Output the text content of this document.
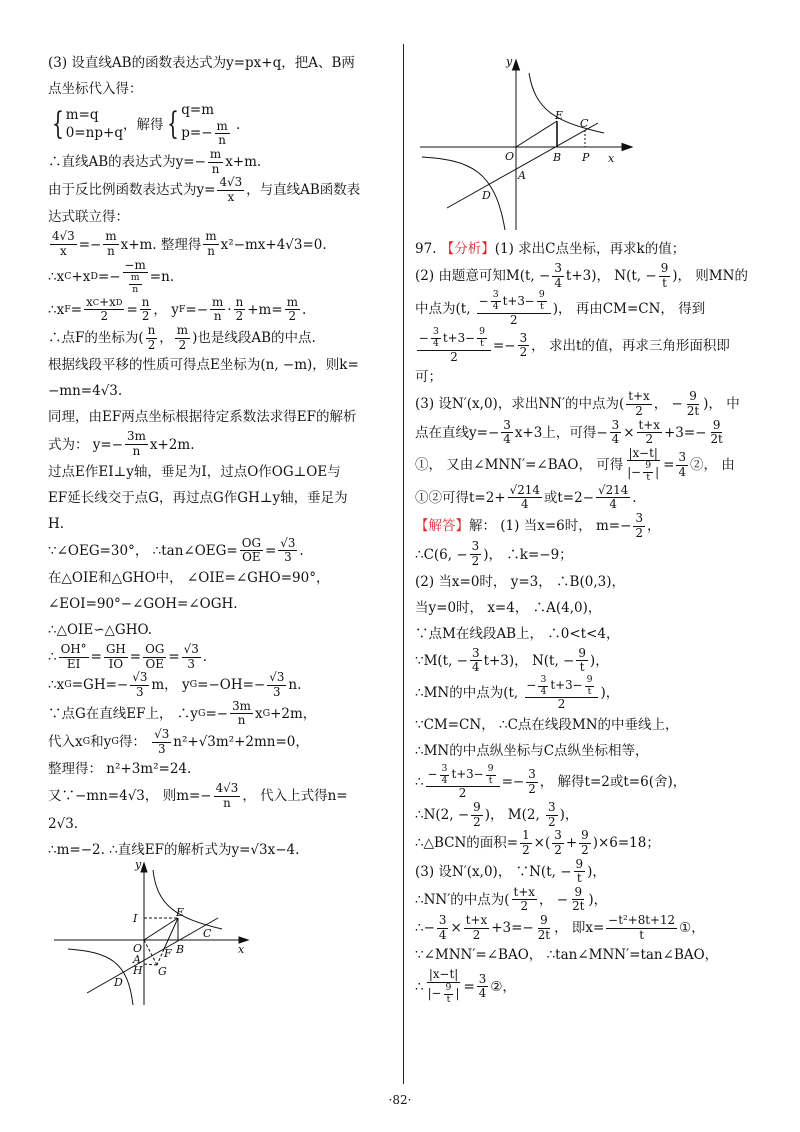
(3) 设直线AB的函数表达式为y=px+q，把A、B两
点坐标代入得：
{ m=q
0=np+q ，解得 { q=m
$p=- \frac{m}{n}$ .
∴直线AB的表达式为$y=- \frac{m}{n} x+m$.
由于反比例函数表达式为$y= \frac{4√3}{x}$ ，与直线AB函数表
达式联立得：
$\frac{4√3}{x} =- \frac{m}{n} x+m$. 整理得 $\frac{m}{n} x^2-mx+4√3=0$.
∴x C +x $D =- \frac{-m}{\frac{m}{n}} =n$.
∴x $F = \frac{\text{x C +x D}}{2} = \frac{n}{2}$ ， y $F =- \frac{m}{n} \cdot \frac{n}{2} +m= \frac{m}{2}$ .
∴点F的坐标为( $\frac{n}{2}$ ， $\frac{m}{2}$ )也是线段AB的中点.
根据线段平移的性质可得点E坐标为(n, −m)，则k=
−mn=4√3.
同理，由EF两点坐标根据待定系数法求得EF的解析
式为： $y=- \frac{3m}{n} x+2m$.
过点E作EI⊥y轴，垂足为I，过点O作OG⊥OE与
EF延长线交于点G，再过点G作GH⊥y轴，垂足为
H.
∵∠OEG=30°， ∴tan∠OEG= $\frac{OG}{OE} = \frac{√3}{3}$ .
在△OIE和△GHO中， ∠OIE=∠GHO=90°，
∠EOI=90°−∠GOH=∠OGH.
∴△OIE∽△GHO.
∴ $\frac{OH^\circ}{EI} = \frac{GH}{IO} = \frac{OG}{OE} = \frac{√3}{3}$ .
∴x $G =GH=- \frac{√3}{3}$ m， y $G =-OH=- \frac{√3}{3} n$.
∵点G在直线EF上， ∴y $G =- \frac{3m}{n}$ x G +2m，
代入x G 和y G 得： $\frac{√3}{3} n^2+√3m^2+2mn=0$，
整理得： n²+3m²=24.
又∵−mn=4√3， 则$m=- \frac{4√3}{n}$ ， 代入上式得n=
2√3.
∴m=−2. ∴直线EF的解析式为y=√3x−4.
97. 【分析】 (1) 求出C点坐标，再求k的值；
(2) 由题意可知M(t, − $\frac{3}{4} t+3$)， N(t, − $\frac{9}{t}$ )， 则MN的
中点为(t, $\frac{- \frac{3}{4} t+3- \frac{9}{t}}{2}$ )， 再由CM=CN， 得到
$\frac{- \frac{3}{4} t+3- \frac{9}{t}}{2} =- \frac{3}{2}$ ， 求出t的值，再求三角形面积即
可；
(3) 设N′(x,0)，求出NN′的中点为( $\frac{t+x}{2}$ ， − $\frac{9}{2t}$ )， 中
点在直线$y=- \frac{3}{4} x+3$上，可得− $\frac{3}{4} \times \frac{t+x}{2} +3=- \frac{9}{2t}$
①， 又由∠MNN′=∠BAO， 可得 $\frac{|x-t|}{|- \frac{9}{t} |} = \frac{3}{4}$ ②， 由
①②可得$t=2+ \frac{√214}{4}$ 或$t=2- \frac{√214}{4}$ .
【解答】 解： (1) 当x=6时， $m=- \frac{3}{2}$ ，
∴C(6, − $\frac{3}{2}$ )， ∴k=−9；
(2) 当x=0时， y=3， ∴B(0,3)，
当y=0时， x=4， ∴A(4,0)，
∵点M在线段AB上， ∴0<t<4，
∵M(t, − $\frac{3}{4} t+3$)， N(t, − $\frac{9}{t}$ )，
∴MN的中点为(t, $\frac{- \frac{3}{4} t+3- \frac{9}{t}}{2}$ )，
∵CM=CN， ∴C点在线段MN的中垂线上，
∴MN的中点纵坐标与C点纵坐标相等，
∴ $\frac{- \frac{3}{4} t+3- \frac{9}{t}}{2} =- \frac{3}{2}$ ， 解得t=2或t=6(舍)，
∴N(2, − $\frac{9}{2}$ )， M(2, $\frac{3}{2}$ )，
∴△BCN的面积= $\frac{1}{2}$ ×( $\frac{3}{2} + \frac{9}{2} )\times 6=18$；
(3) 设N′(x,0)， ∵N(t, − $\frac{9}{t}$ )，
∴NN′的中点为( $\frac{t+x}{2}$ ， − $\frac{9}{2t}$ )，
∴− $\frac{3}{4} \times \frac{t+x}{2} +3=- \frac{9}{2t}$ ， 即$x= \frac{\text{−t²+8t+12}}{t}$ ①，
∵∠MNN′=∠BAO， ∴tan∠MNN′=tan∠BAO，
∴ $\frac{|x-t|}{|- \frac{9}{t} |} = \frac{3}{4}$ ②，
y
x
O
E
C
B P
A
D
y
x
O
I	E
C
B
F
A
H G
D
·82·
